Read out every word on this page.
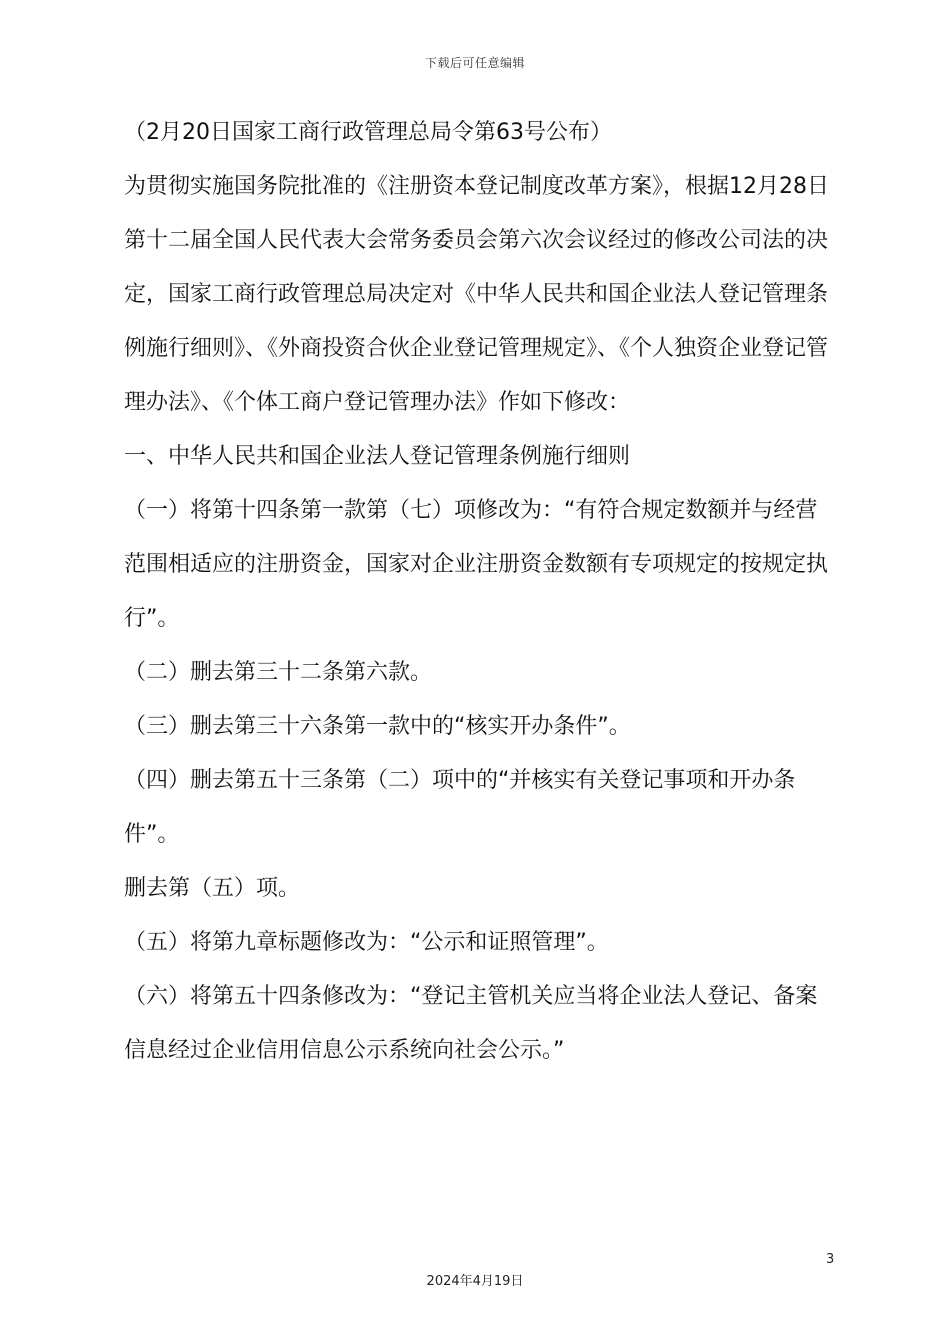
下载后可任意编辑

（2月20日国家工商行政管理总局令第63号公布）

为贯彻实施国务院批准的《注册资本登记制度改革方案》，根据12月28日第十二届全国人民代表大会常务委员会第六次会议经过的修改公司法的决定，国家工商行政管理总局决定对《中华人民共和国企业法人登记管理条例施行细则》、《外商投资合伙企业登记管理规定》、《个人独资企业登记管理办法》、《个体工商户登记管理办法》作如下修改：

一、中华人民共和国企业法人登记管理条例施行细则

（一）将第十四条第一款第（七）项修改为：“有符合规定数额并与经营范围相适应的注册资金，国家对企业注册资金数额有专项规定的按规定执行”。

（二）删去第三十二条第六款。

（三）删去第三十六条第一款中的“核实开办条件”。

（四）删去第五十三条第（二）项中的“并核实有关登记事项和开办条件”。

删去第（五）项。

（五）将第九章标题修改为：“公示和证照管理”。

（六）将第五十四条修改为：“登记主管机关应当将企业法人登记、备案信息经过企业信用信息公示系统向社会公示。”

3
2024年4月19日
